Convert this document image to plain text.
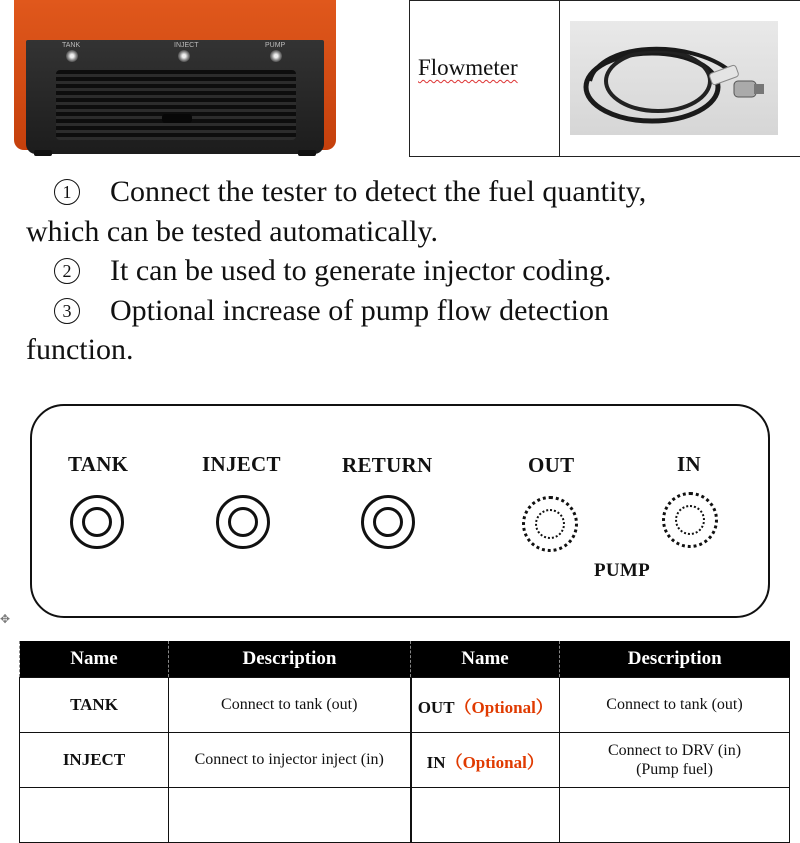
TANK	INJECT	PUMP
Flowmeter

1 Connect the tester to detect the fuel quantity,

which can be tested automatically.

2 It can be used to generate injector coding.

3 Optional increase of pump flow detection

function.

TANK	INJECT	RETURN	OUT	IN
PUMP
✥
Name	Description	Name	Description
TANK	Connect to tank (out)	OUT（Optional）	Connect to tank (out)
INJECT	Connect to injector inject (in)	IN（Optional）	Connect to DRV (in)
(Pump fuel)
